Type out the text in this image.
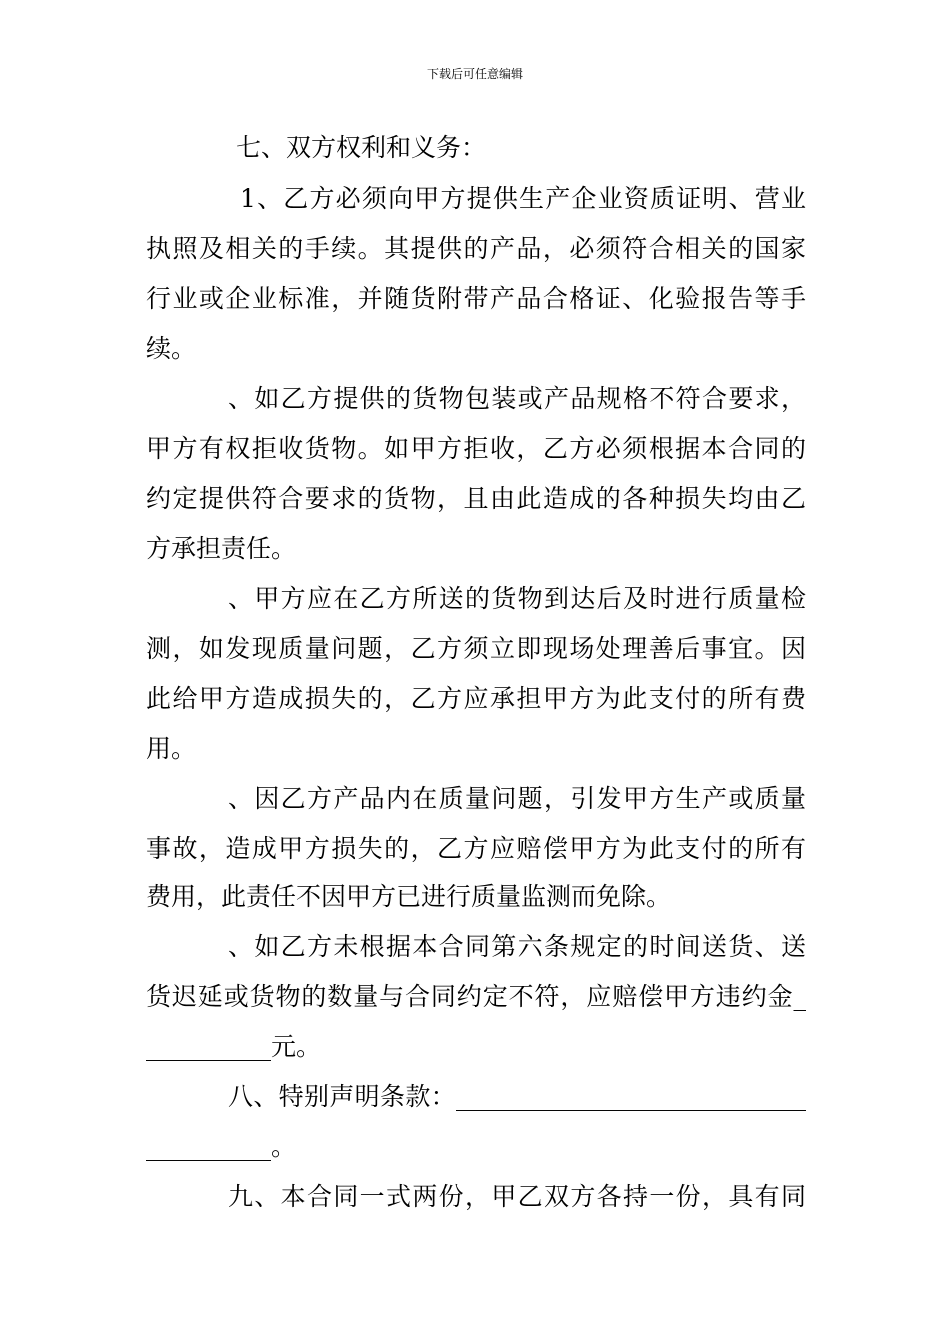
下载后可任意编辑
七、双方权利和义务：
1、乙方必须向甲方提供生产企业资质证明、营业
执照及相关的手续。其提供的产品，必须符合相关的国家
行业或企业标准，并随货附带产品合格证、化验报告等手
续。
、如乙方提供的货物包装或产品规格不符合要求，
甲方有权拒收货物。如甲方拒收，乙方必须根据本合同的
约定提供符合要求的货物，且由此造成的各种损失均由乙
方承担责任。
、甲方应在乙方所送的货物到达后及时进行质量检
测，如发现质量问题，乙方须立即现场处理善后事宜。因
此给甲方造成损失的，乙方应承担甲方为此支付的所有费
用。
、因乙方产品内在质量问题，引发甲方生产或质量
事故，造成甲方损失的，乙方应赔偿甲方为此支付的所有
费用，此责任不因甲方已进行质量监测而免除。
、如乙方未根据本合同第六条规定的时间送货、送
货迟延或货物的数量与合同约定不符，应赔偿甲方违约金_
__________元。
八、特别声明条款：____________________________
__________。
九、本合同一式两份，甲乙双方各持一份，具有同
